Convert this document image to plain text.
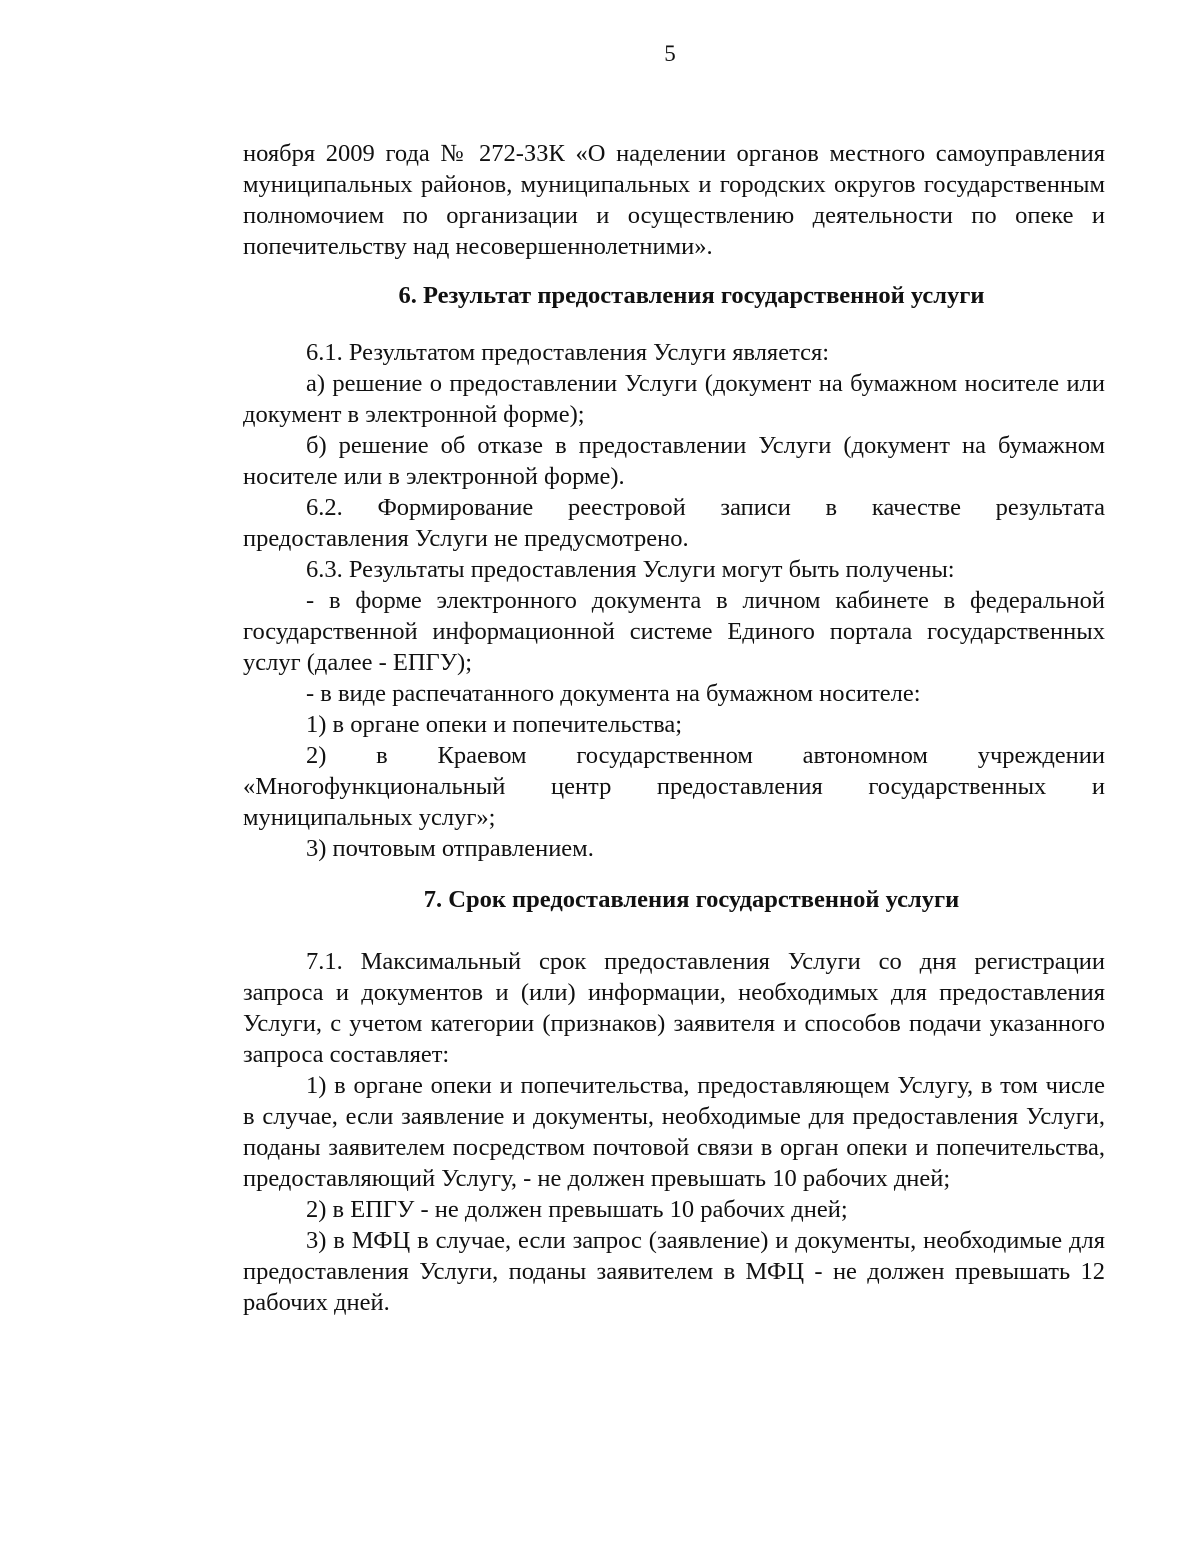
5

ноября 2009 года № 272-ЗЗК «О наделении органов местного самоуправления муниципальных районов, муниципальных и городских округов государственным полномочием по организации и осуществлению деятельности по опеке и попечительству над несовершеннолетними».

6. Результат предоставления государственной услуги

6.1. Результатом предоставления Услуги является:

а) решение о предоставлении Услуги (документ на бумажном носителе или документ в электронной форме);

б) решение об отказе в предоставлении Услуги (документ на бумажном носителе или в электронной форме).

6.2. Формирование реестровой записи в качестве результата предоставления Услуги не предусмотрено.

6.3. Результаты предоставления Услуги могут быть получены:

- в форме электронного документа в личном кабинете в федеральной государственной информационной системе Единого портала государственных услуг (далее - ЕПГУ);

- в виде распечатанного документа на бумажном носителе:

1) в органе опеки и попечительства;

2) в Краевом государственном автономном учреждении «Многофункциональный центр предоставления государственных и муниципальных услуг»;

3) почтовым отправлением.

7. Срок предоставления государственной услуги

7.1. Максимальный срок предоставления Услуги со дня регистрации запроса и документов и (или) информации, необходимых для предоставления Услуги, с учетом категории (признаков) заявителя и способов подачи указанного запроса составляет:

1) в органе опеки и попечительства, предоставляющем Услугу, в том числе в случае, если заявление и документы, необходимые для предоставления Услуги, поданы заявителем посредством почтовой связи в орган опеки и попечительства, предоставляющий Услугу, - не должен превышать 10 рабочих дней;

2) в ЕПГУ - не должен превышать 10 рабочих дней;

3) в МФЦ в случае, если запрос (заявление) и документы, необходимые для предоставления Услуги, поданы заявителем в МФЦ - не должен превышать 12 рабочих дней.
